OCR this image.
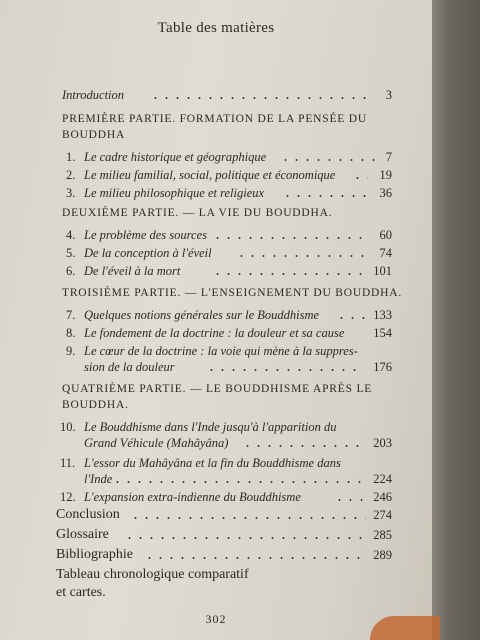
Table des matières
Introduction	3
PREMIÈRE PARTIE. FORMATION DE LA PENSÉE DU
BOUDDHA
1. Le cadre historique et géographique	7
2. Le milieu familial, social, politique et économique	19
3. Le milieu philosophique et religieux	36
DEUXIÈME PARTIE. — LA VIE DU BOUDDHA.
4. Le problème des sources	60
5. De la conception à l'éveil	74
6. De l'éveil à la mort	101
TROISIÈME PARTIE. — L'ENSEIGNEMENT DU BOUDDHA.
7. Quelques notions générales sur le Bouddhisme	133
8. Le fondement de la doctrine : la douleur et sa cause 154
9. Le cœur de la doctrine : la voie qui mène à la suppres-
sion de la douleur	176
QUATRIÈME PARTIE. — LE BOUDDHISME APRÈS LE
BOUDDHA.
10. Le Bouddhisme dans l'Inde jusqu'à l'apparition du
Grand Véhicule (Mahâyâna)	203
11. L'essor du Mahâyâna et la fin du Bouddhisme dans
l'Inde	224
12. L'expansion extra-indienne du Bouddhisme	246
Conclusion	274
Glossaire	285
Bibliographie	289
Tableau chronologique comparatif
et cartes.
302
